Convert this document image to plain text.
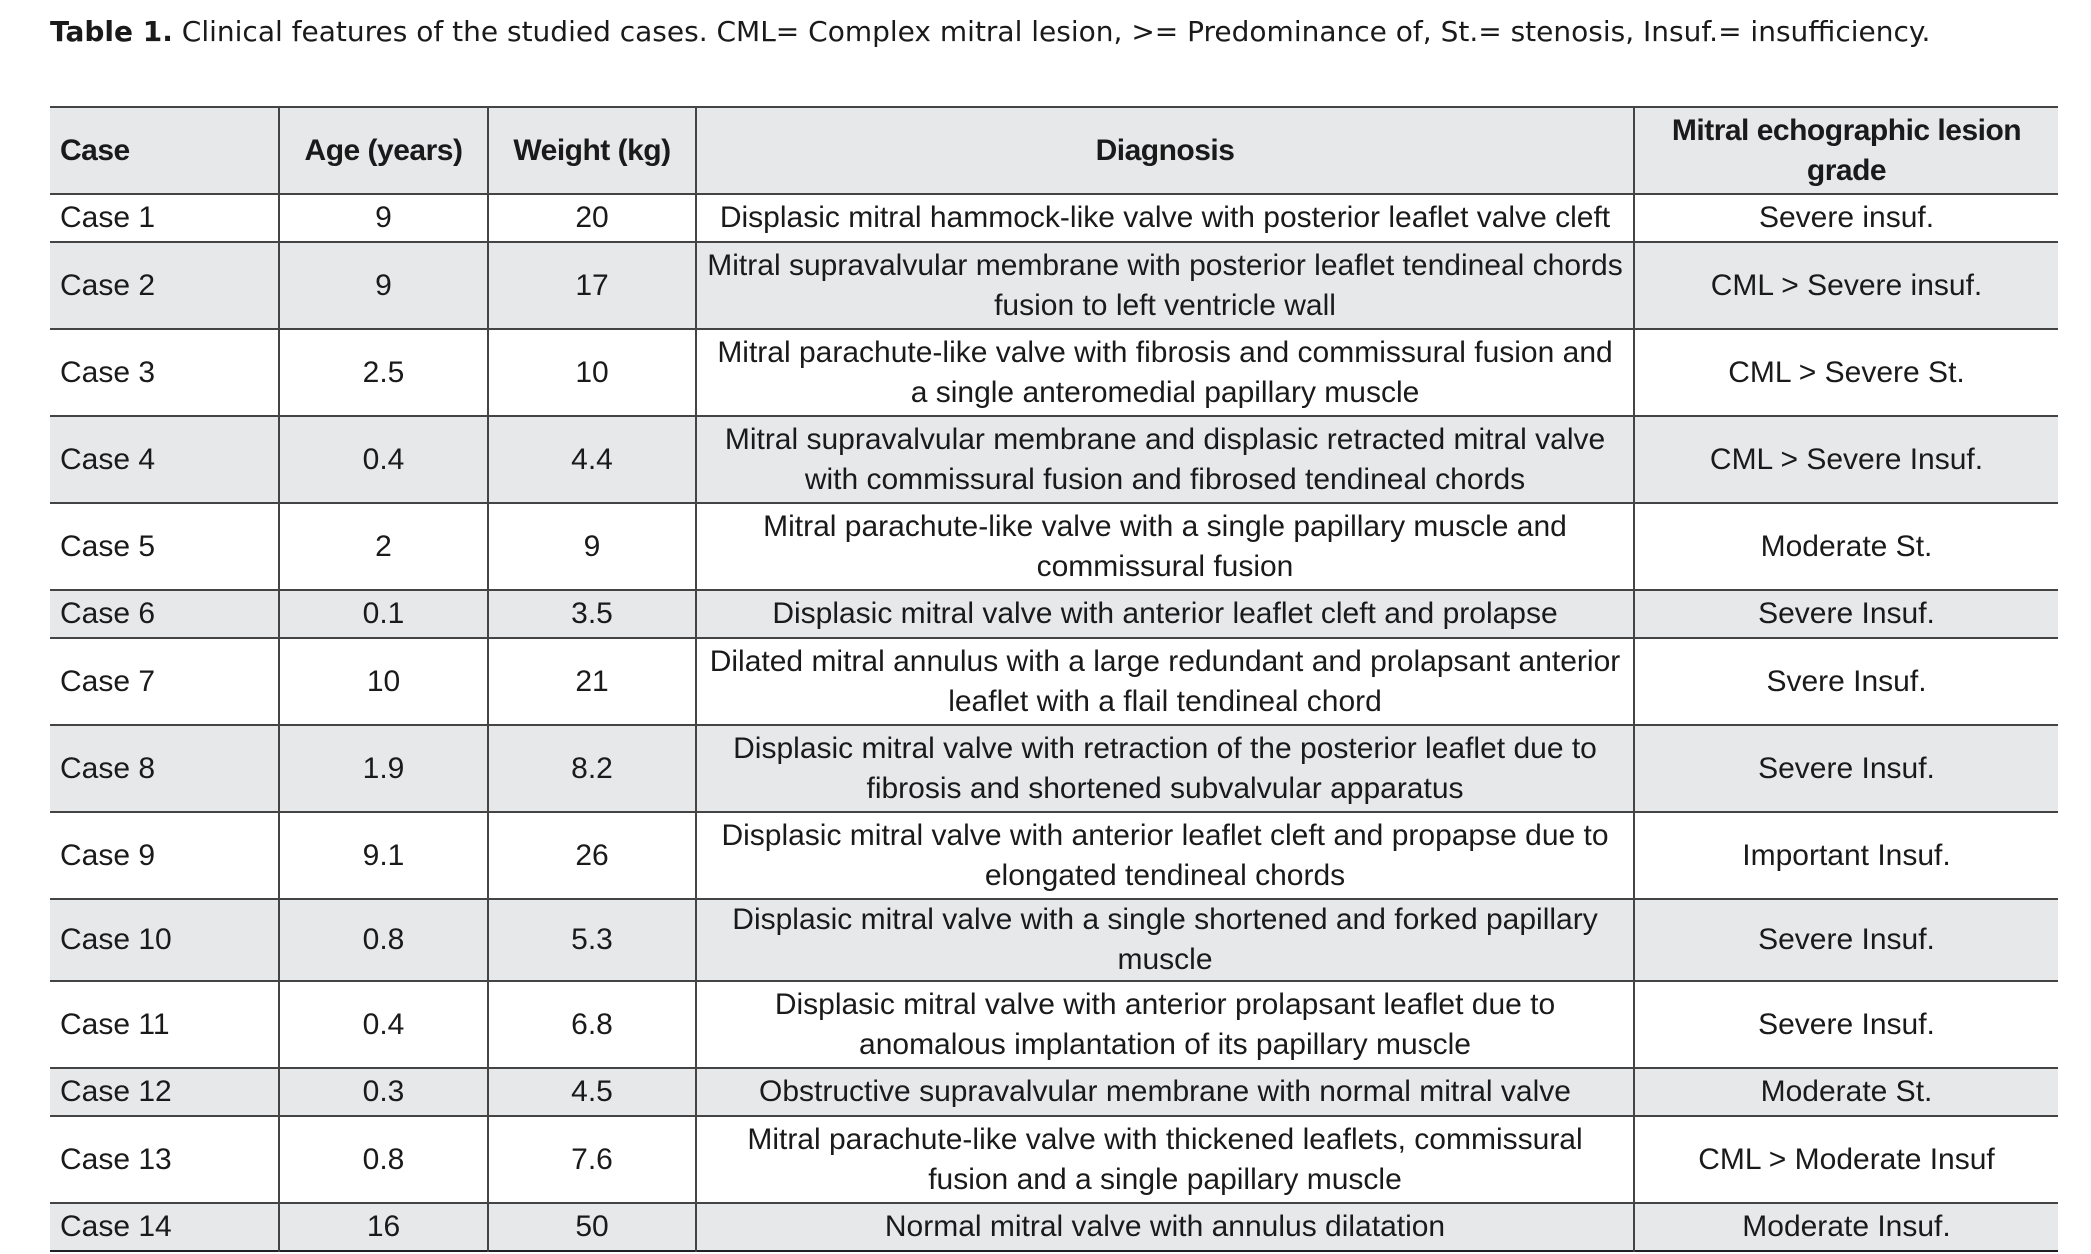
Table 1. Clinical features of the studied cases. CML= Complex mitral lesion, >= Predominance of, St.= stenosis, Insuf.= insufficiency.
Case	Age (years)	Weight (kg)	Diagnosis	Mitral echographic lesion grade
Case 1	9	20	Displasic mitral hammock-like valve with posterior leaflet valve cleft	Severe insuf.
Case 2	9	17	Mitral supravalvular membrane with posterior leaflet tendineal chords fusion to left ventricle wall	CML > Severe insuf.
Case 3	2.5	10	Mitral parachute-like valve with fibrosis and commissural fusion and a single anteromedial papillary muscle	CML > Severe St.
Case 4	0.4	4.4	Mitral supravalvular membrane and displasic retracted mitral valve with commissural fusion and fibrosed tendineal chords	CML > Severe Insuf.
Case 5	2	9	Mitral parachute-like valve with a single papillary muscle and commissural fusion	Moderate St.
Case 6	0.1	3.5	Displasic mitral valve with anterior leaflet cleft and prolapse	Severe Insuf.
Case 7	10	21	Dilated mitral annulus with a large redundant and prolapsant anterior leaflet with a flail tendineal chord	Svere Insuf.
Case 8	1.9	8.2	Displasic mitral valve with retraction of the posterior leaflet due to fibrosis and shortened subvalvular apparatus	Severe Insuf.
Case 9	9.1	26	Displasic mitral valve with anterior leaflet cleft and propapse due to elongated tendineal chords	Important Insuf.
Case 10	0.8	5.3	Displasic mitral valve with a single shortened and forked papillary muscle	Severe Insuf.
Case 11	0.4	6.8	Displasic mitral valve with anterior prolapsant leaflet due to anomalous implantation of its papillary muscle	Severe Insuf.
Case 12	0.3	4.5	Obstructive supravalvular membrane with normal mitral valve	Moderate St.
Case 13	0.8	7.6	Mitral parachute-like valve with thickened leaflets, commissural fusion and a single papillary muscle	CML > Moderate Insuf
Case 14	16	50	Normal mitral valve with annulus dilatation	Moderate Insuf.
